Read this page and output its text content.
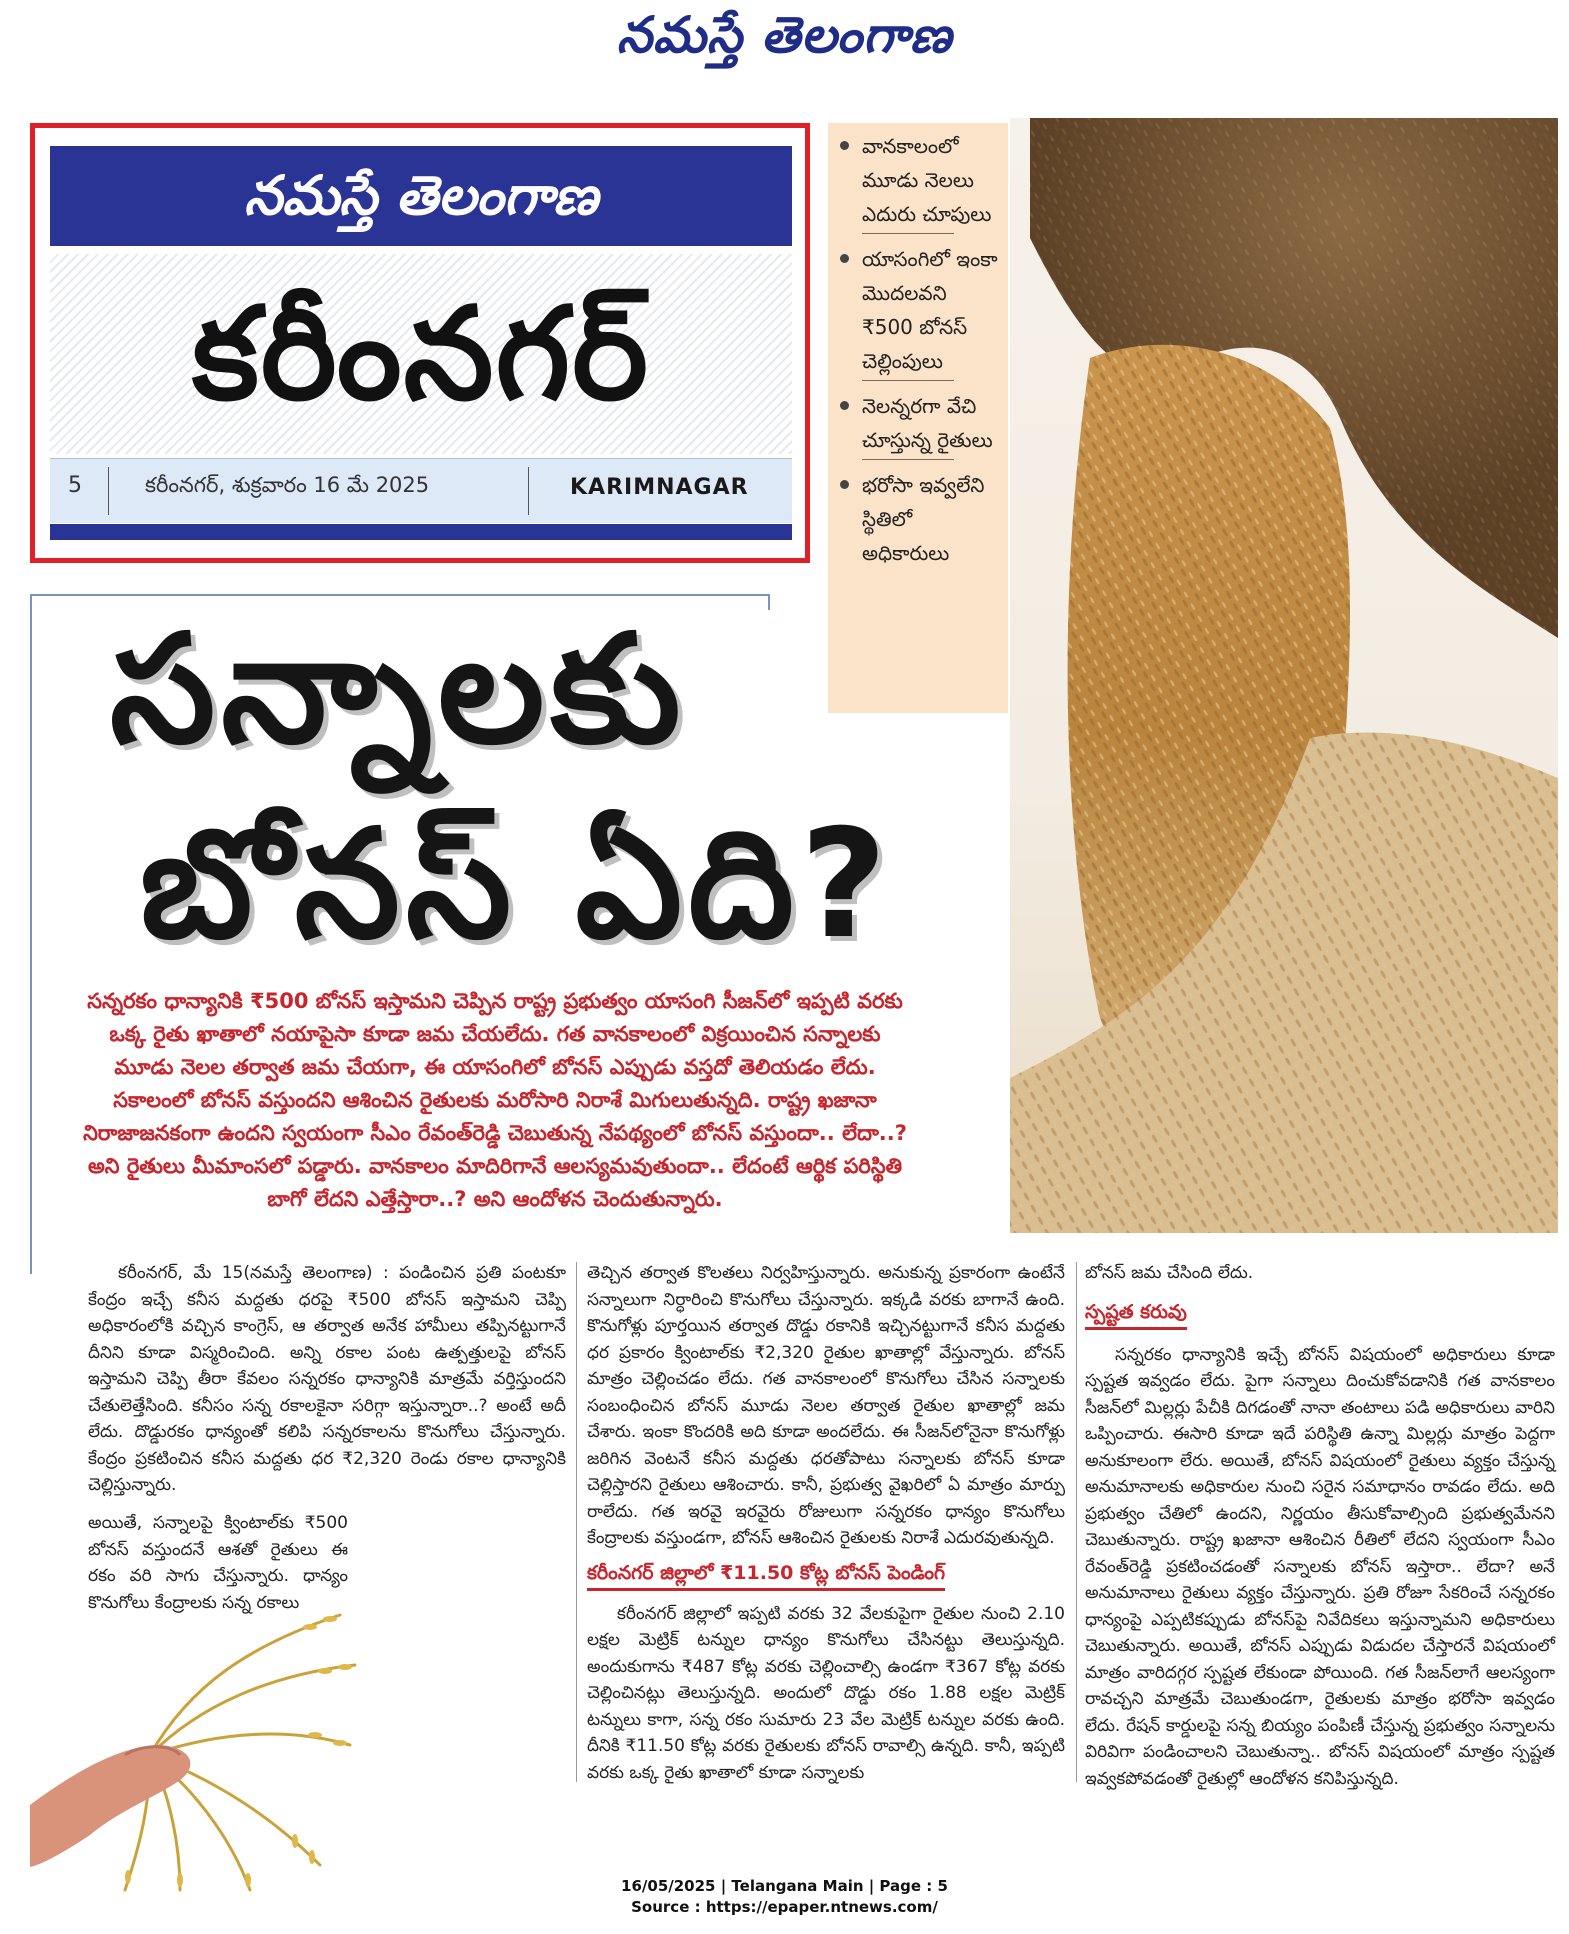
నమస్తే తెలంగాణ
నమస్తే తెలంగాణ
కరీంనగర్
5	కరీంనగర్, శుక్రవారం 16 మే 2025	KARIMNAGAR
వానకాలంలో మూడు నెలలు ఎదురు చూపులు
యాసంగిలో ఇంకా మొదలవని ₹500 బోనస్ చెల్లింపులు
నెలన్నరగా వేచి చూస్తున్న రైతులు
భరోసా ఇవ్వలేని స్థితిలో అధికారులు
సన్నాలకు
బోనస్ ఏది?
సన్నరకం ధాన్యానికి ₹500 బోనస్ ఇస్తామని చెప్పిన రాష్ట్ర ప్రభుత్వం యాసంగి సీజన్‌లో ఇప్పటి వరకు ఒక్క రైతు ఖాతాలో నయాపైసా కూడా జమ చేయలేదు. గత వానకాలంలో విక్రయించిన సన్నాలకు మూడు నెలల తర్వాత జమ చేయగా, ఈ యాసంగిలో బోనస్ ఎప్పుడు వస్తదో తెలియడం లేదు. సకాలంలో బోనస్ వస్తుందని ఆశించిన రైతులకు మరోసారి నిరాశే మిగులుతున్నది. రాష్ట్ర ఖజానా నిరాజాజనకంగా ఉందని స్వయంగా సీఎం రేవంత్‌రెడ్డి చెబుతున్న నేపథ్యంలో బోనస్ వస్తుందా.. లేదా..? అని రైతులు మీమాంసలో పడ్డారు. వానకాలం మాదిరిగానే ఆలస్యమవుతుందా.. లేదంటే ఆర్థిక పరిస్థితి బాగో లేదని ఎత్తేస్తారా..? అని ఆందోళన చెందుతున్నారు.

కరీంనగర్, మే 15(నమస్తే తెలంగాణ) : పండించిన ప్రతి పంటకూ కేంద్రం ఇచ్చే కనీస మద్దతు ధరపై ₹500 బోనస్ ఇస్తామని చెప్పి అధికారంలోకి వచ్చిన కాంగ్రెస్, ఆ తర్వాత అనేక హామీలు తప్పినట్టుగానే దీనిని కూడా విస్మరించింది. అన్ని రకాల పంట ఉత్పత్తులపై బోనస్ ఇస్తామని చెప్పి తీరా కేవలం సన్నరకం ధాన్యానికి మాత్రమే వర్తిస్తుందని చేతులెత్తేసింది. కనీసం సన్న రకాలకైనా సరిగ్గా ఇస్తున్నారా..? అంటే అదీ లేదు. దొడ్డురకం ధాన్యంతో కలిపి సన్నరకాలను కొనుగోలు చేస్తున్నారు. కేంద్రం ప్రకటించిన కనీస మద్దతు ధర ₹2,320 రెండు రకాల ధాన్యానికి చెల్లిస్తున్నారు.

అయితే, సన్నాలపై క్వింటాల్‌కు ₹500 బోనస్ వస్తుందనే ఆశతో రైతులు ఈ రకం వరి సాగు చేస్తున్నారు. ధాన్యం కొనుగోలు కేంద్రాలకు సన్న రకాలు

తెచ్చిన తర్వాత కొలతలు నిర్వహిస్తున్నారు. అనుకున్న ప్రకారంగా ఉంటేనే సన్నాలుగా నిర్ధారించి కొనుగోలు చేస్తున్నారు. ఇక్కడి వరకు బాగానే ఉంది. కొనుగోళ్లు పూర్తయిన తర్వాత దొడ్డు రకానికి ఇచ్చినట్టుగానే కనీస మద్దతు ధర ప్రకారం క్వింటాల్‌కు ₹2,320 రైతుల ఖాతాల్లో వేస్తున్నారు. బోనస్ మాత్రం చెల్లించడం లేదు. గత వానకాలంలో కొనుగోలు చేసిన సన్నాలకు సంబంధించిన బోనస్ మూడు నెలల తర్వాత రైతుల ఖాతాల్లో జమ చేశారు. ఇంకా కొందరికి అది కూడా అందలేదు. ఈ సీజన్‌లోనైనా కొనుగోళ్లు జరిగిన వెంటనే కనీస మద్దతు ధరతోపాటు సన్నాలకు బోనస్ కూడా చెల్లిస్తారని రైతులు ఆశించారు. కానీ, ప్రభుత్వ వైఖరిలో ఏ మాత్రం మార్పు రాలేదు. గత ఇరవై ఇరవైరు రోజులుగా సన్నరకం ధాన్యం కొనుగోలు కేంద్రాలకు వస్తుండగా, బోనస్ ఆశించిన రైతులకు నిరాశే ఎదురవుతున్నది.

కరీంనగర్ జిల్లాలో ₹11.50 కోట్ల బోనస్ పెండింగ్

కరీంనగర్ జిల్లాలో ఇప్పటి వరకు 32 వేలకుపైగా రైతుల నుంచి 2.10 లక్షల మెట్రిక్ టన్నుల ధాన్యం కొనుగోలు చేసినట్టు తెలుస్తున్నది. అందుకుగాను ₹487 కోట్ల వరకు చెల్లించాల్సి ఉండగా ₹367 కోట్ల వరకు చెల్లించినట్లు తెలుస్తున్నది. అందులో దొడ్డు రకం 1.88 లక్షల మెట్రిక్ టన్నులు కాగా, సన్న రకం సుమారు 23 వేల మెట్రిక్ టన్నుల వరకు ఉంది. దీనికి ₹11.50 కోట్ల వరకు రైతులకు బోనస్ రావాల్సి ఉన్నది. కానీ, ఇప్పటి వరకు ఒక్క రైతు ఖాతాలో కూడా సన్నాలకు

బోనస్ జమ చేసింది లేదు.

స్పష్టత కరువు

సన్నరకం ధాన్యానికి ఇచ్చే బోనస్ విషయంలో అధికారులు కూడా స్పష్టత ఇవ్వడం లేదు. పైగా సన్నాలు దించుకోవడానికి గత వానకాలం సీజన్‌లో మిల్లర్లు పేచీకి దిగడంతో నానా తంటాలు పడి అధికారులు వారిని ఒప్పించారు. ఈసారి కూడా ఇదే పరిస్థితి ఉన్నా మిల్లర్లు మాత్రం పెద్దగా అనుకూలంగా లేరు. అయితే, బోనస్ విషయంలో రైతులు వ్యక్తం చేస్తున్న అనుమానాలకు అధికారుల నుంచి సరైన సమాధానం రావడం లేదు. అది ప్రభుత్వం చేతిలో ఉందని, నిర్ణయం తీసుకోవాల్సింది ప్రభుత్వమేనని చెబుతున్నారు. రాష్ట్ర ఖజానా ఆశించిన రీతిలో లేదని స్వయంగా సీఎం రేవంత్‌రెడ్డి ప్రకటించడంతో సన్నాలకు బోనస్ ఇస్తారా.. లేదా? అనే అనుమానాలు రైతులు వ్యక్తం చేస్తున్నారు. ప్రతి రోజూ సేకరించే సన్నరకం ధాన్యంపై ఎప్పటికప్పుడు బోనస్‌పై నివేదికలు ఇస్తున్నామని అధికారులు చెబుతున్నారు. అయితే, బోనస్ ఎప్పుడు విడుదల చేస్తారనే విషయంలో మాత్రం వారిదగ్గర స్పష్టత లేకుండా పోయింది. గత సీజన్‌లాగే ఆలస్యంగా రావచ్చని మాత్రమే చెబుతుండగా, రైతులకు మాత్రం భరోసా ఇవ్వడం లేదు. రేషన్ కార్డులపై సన్న బియ్యం పంపిణీ చేస్తున్న ప్రభుత్వం సన్నాలను విరివిగా పండించాలని చెబుతున్నా.. బోనస్ విషయంలో మాత్రం స్పష్టత ఇవ్వకపోవడంతో రైతుల్లో ఆందోళన కనిపిస్తున్నది.

16/05/2025 | Telangana Main | Page : 5
Source : https://epaper.ntnews.com/
